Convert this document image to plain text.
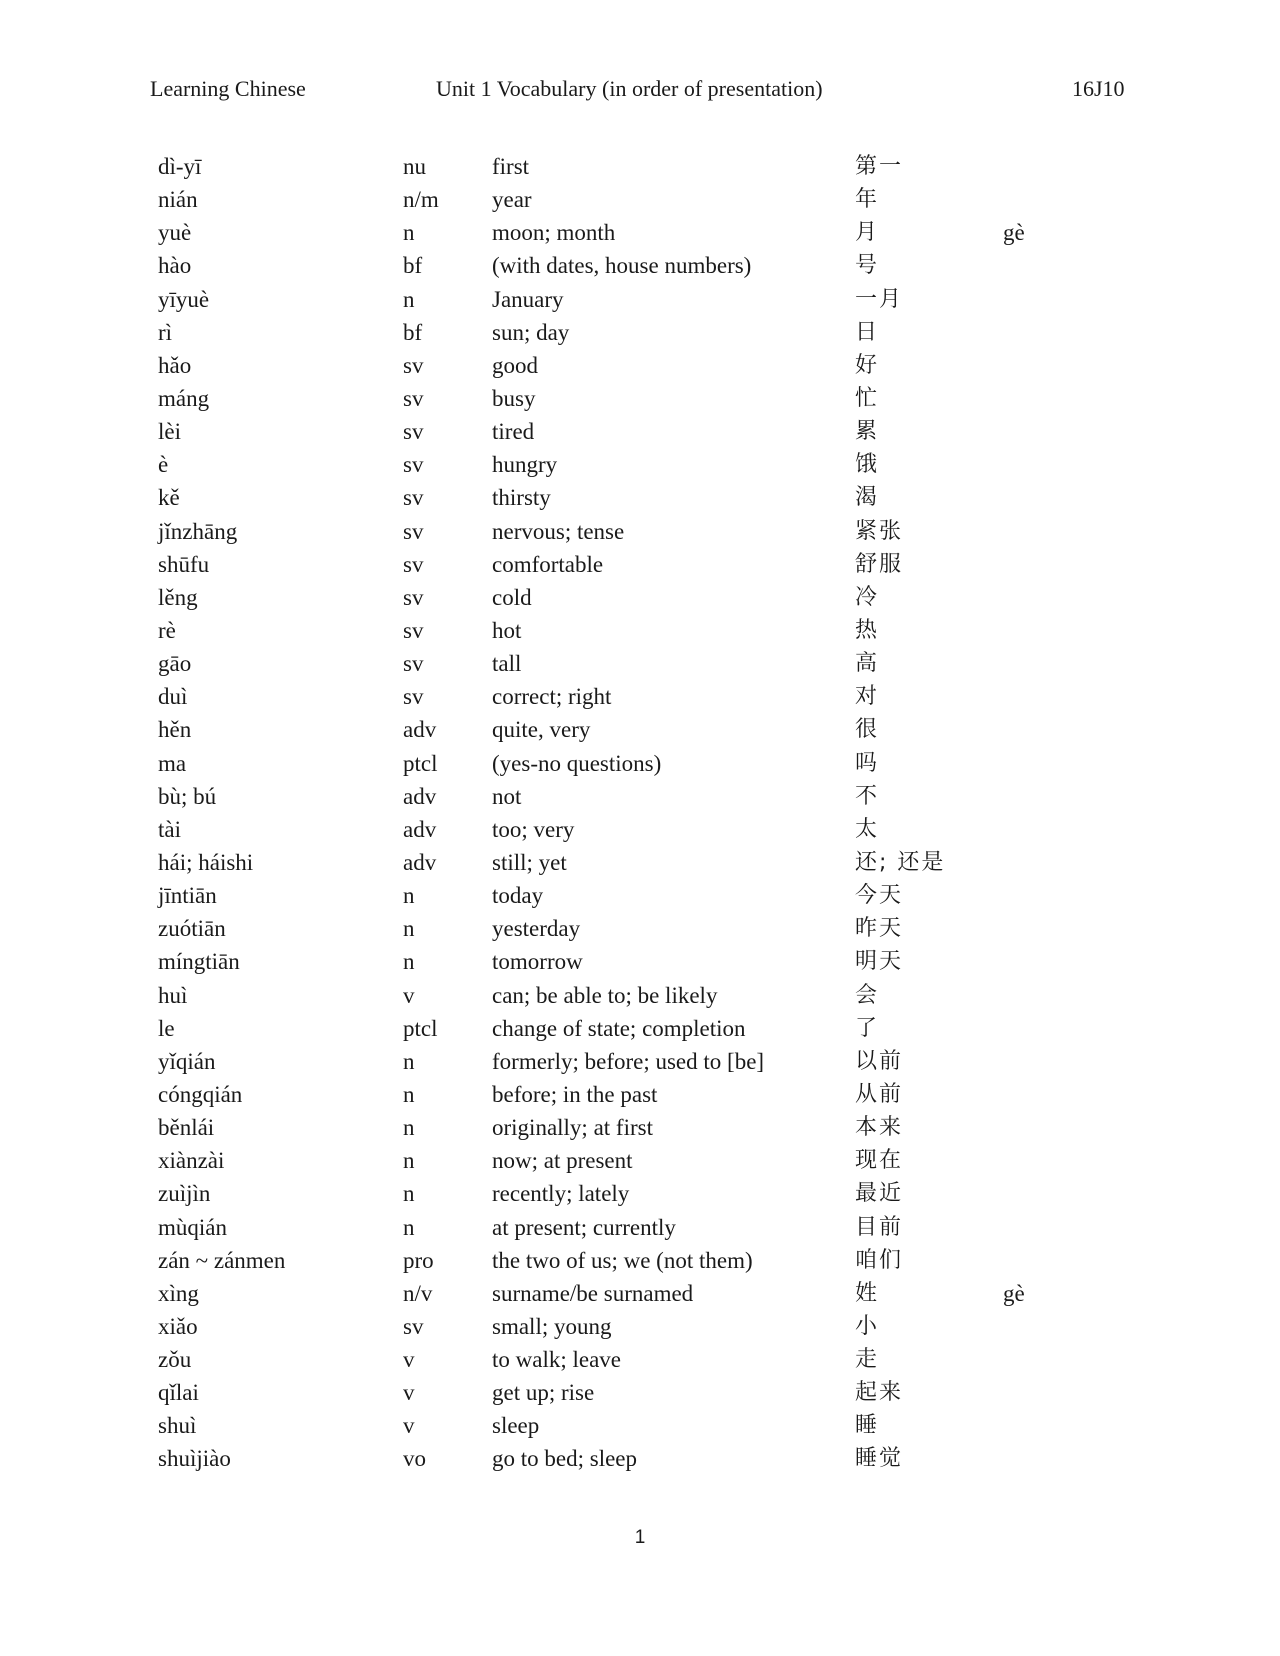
Learning Chinese	Unit 1 Vocabulary (in order of presentation)	16J10
dì-yī	nu	first	第一
nián	n/m year	年
yuè	n	moon; month	月	gè
hào	bf	(with dates, house numbers)	号
yīyuè	n	January	一月
rì	bf	sun; day	日
hǎo	sv	good	好
máng	sv	busy	忙
lèi	sv	tired	累
è	sv	hungry	饿
kě	sv	thirsty	渴
jǐnzhāng	sv	nervous; tense	紧张
shūfu	sv	comfortable	舒服
lěng	sv	cold	冷
rè	sv	hot	热
gāo	sv	tall	高
duì	sv	correct; right	对
hěn	adv quite, very	很
ma	ptcl (yes-no questions)	吗
bù; bú	adv not	不
tài	adv too; very	太
hái; háishi	adv still; yet	还; 还是
jīntiān	n	today	今天
zuótiān	n	yesterday	昨天
míngtiān	n	tomorrow	明天
huì	v	can; be able to; be likely	会
le	ptcl change of state; completion	了
yǐqián	n	formerly; before; used to [be]	以前
cóngqián	n	before; in the past	从前
běnlái	n	originally; at first	本来
xiànzài	n	now; at present	现在
zuìjìn	n	recently; lately	最近
mùqián	n	at present; currently	目前
zán ~ zánmen	pro	the two of us; we (not them)	咱们
xìng	n/v	surname/be surnamed	姓	gè
xiǎo	sv	small; young	小
zǒu	v	to walk; leave	走
qǐlai	v	get up; rise	起来
shuì	v	sleep	睡
shuìjiào	vo	go to bed; sleep	睡觉
1
